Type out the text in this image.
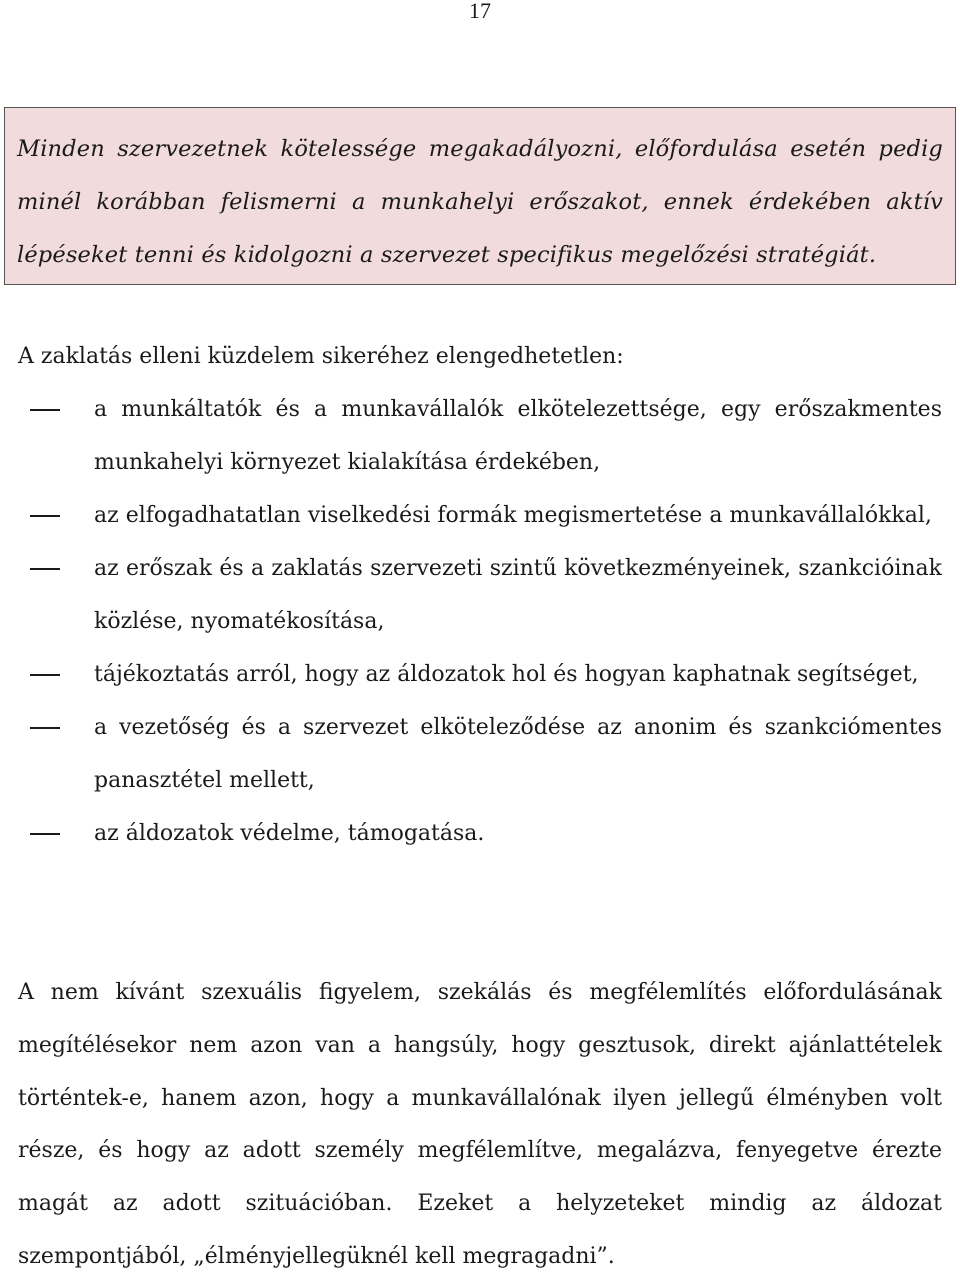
17

Minden szervezetnek kötelessége megakadályozni, előfordulása esetén pedig minél korábban felismerni a munkahelyi erőszakot, ennek érdekében aktív lépéseket tenni és kidolgozni a szervezet specifikus megelőzési stratégiát.

A zaklatás elleni küzdelem sikeréhez elengedhetetlen:

a munkáltatók és a munkavállalók elkötelezettsége, egy erőszakmentes munkahelyi környezet kialakítása érdekében,
az elfogadhatatlan viselkedési formák megismertetése a munkavállalókkal,
az erőszak és a zaklatás szervezeti szintű következményeinek, szankcióinak közlése, nyomatékosítása,
tájékoztatás arról, hogy az áldozatok hol és hogyan kaphatnak segítséget,
a vezetőség és a szervezet elköteleződése az anonim és szankciómentes panasztétel mellett,
az áldozatok védelme, támogatása.

A nem kívánt szexuális figyelem, szekálás és megfélemlítés előfordulásának megítélésekor nem azon van a hangsúly, hogy gesztusok, direkt ajánlattételek történtek-e, hanem azon, hogy a munkavállalónak ilyen jellegű élményben volt része, és hogy az adott személy megfélemlítve, megalázva, fenyegetve érezte magát az adott szituációban. Ezeket a helyzeteket mindig az áldozat szempontjából, „élményjellegüknél kell megragadni”.
